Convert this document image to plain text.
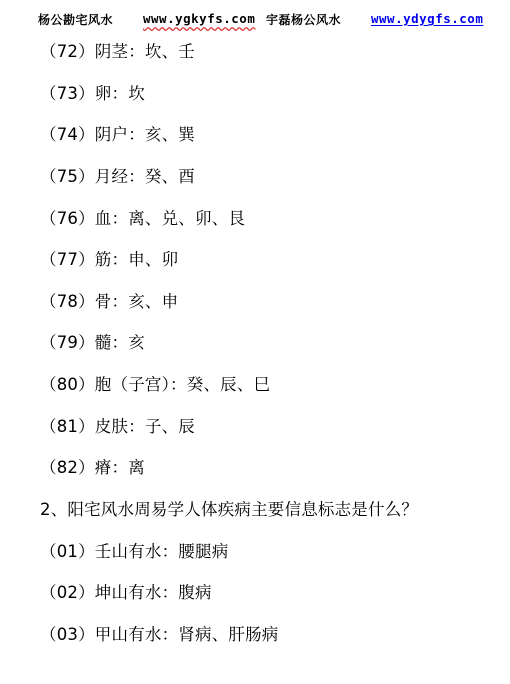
杨公勘宅风水 www.ygkyfs.com 宇磊杨公风水 www.ydygfs.com
（72）阴茎：坎、壬
（73）卵：坎
（74）阴户：亥、巽
（75）月经：癸、酉
（76）血：离、兑、卯、艮
（77）筋：申、卯
（78）骨：亥、申
（79）髓：亥
（80）胞（子宫）：癸、辰、巳
（81）皮肤：子、辰
（82）瘠：离
2、阳宅风水周易学人体疾病主要信息标志是什么？
（01）壬山有水：腰腿病
（02）坤山有水：腹病
（03）甲山有水：肾病、肝肠病
